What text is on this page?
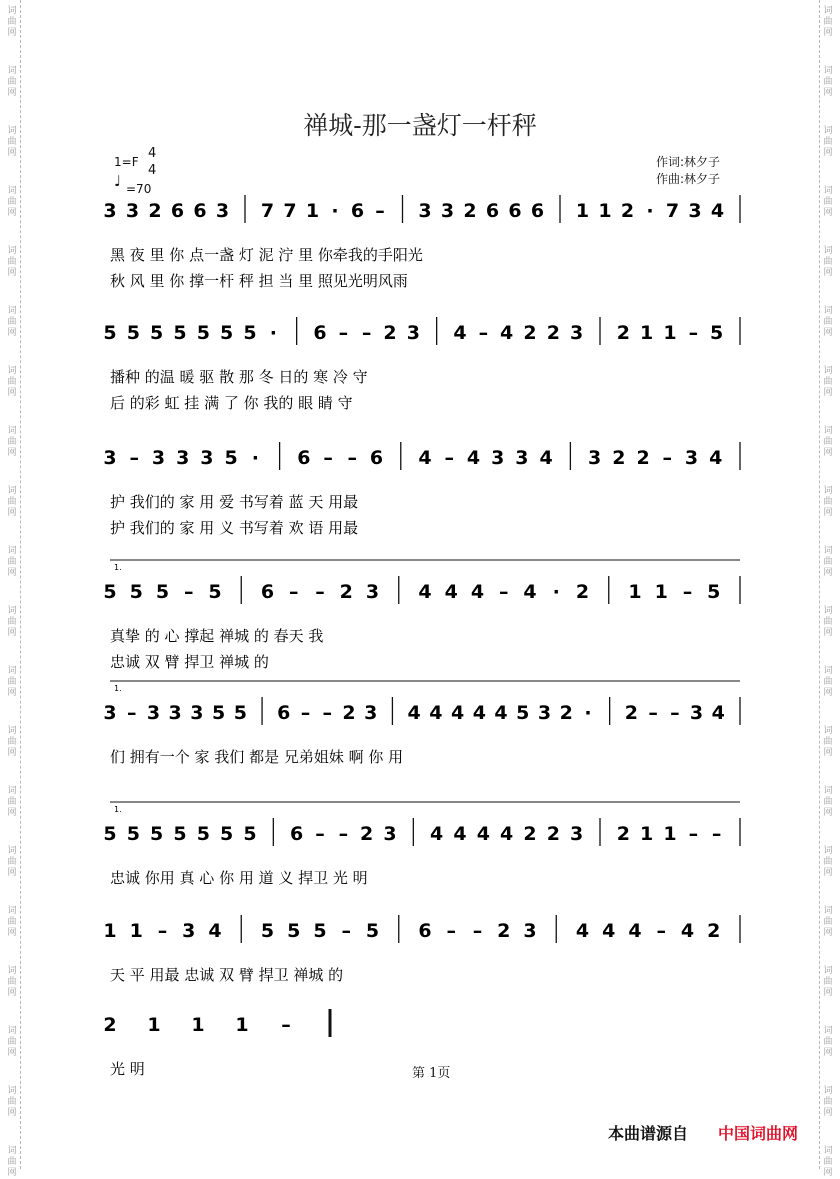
词
曲
网
词
曲
网
词
曲
网
词
曲
网
词
曲
网
词
曲
网
词
曲
网
词
曲
网
词
曲
网
词
曲
网
词
曲
网
词
曲
网
词
曲
网
词
曲
网
词
曲
网
词
曲
网
词
曲
网
词
曲
网
词
曲
网
词
曲
网
词
曲
网
词
曲
网
词
曲
网
词
曲
网
词
曲
网
词
曲
网
词
曲
网
词
曲
网
词
曲
网
词
曲
网
词
曲
网
词
曲
网
词
曲
网
词
曲
网
词
曲
网
词
曲
网
词
曲
网
词
曲
网
词
曲
网
词
曲
网
禅城-那一盏灯一杆秤
1=F
4
4
♩ =70
作词:林夕子
作曲:林夕子
3 3 2 6 6 3 7 7 1 · 6 – 3 3 2 6 6 6 1 1 2 · 7 3 4
黑 夜 里 你 点一盏 灯 泥 泞 里 你牵我的手阳光
秋 风 里 你 撑一杆 秤 担 当 里 照见光明风雨
5 5 5 5 5 5 5 · 6 – – 2 3 4 – 4 2 2 3 2 1 1 – 5
播种 的温 暖 驱 散 那 冬 日的 寒 冷 守
后 的彩 虹 挂 满 了 你 我的 眼 睛 守
3 – 3 3 3 5 · 6 – – 6 4 – 4 3 3 4 3 2 2 – 3 4
护 我们的 家 用 爱 书写着 蓝 天 用最
护 我们的 家 用 义 书写着 欢 语 用最
5 5 5 – 5 6 – – 2 3 4 4 4 – 4 · 2 1 1 – 5
1.
真挚 的 心 撑起 禅城 的 春天 我
忠诚 双 臂 捍卫 禅城 的
3 – 3 3 3 5 5 6 – – 2 3 4 4 4 4 4 5 3 2 · 2 – – 3 4
1.
们 拥有一个 家 我们 都是 兄弟姐妹 啊 你 用
5 5 5 5 5 5 5 6 – – 2 3 4 4 4 4 2 2 3 2 1 1 – –
1.
忠诚 你用 真 心 你 用 道 义 捍卫 光 明
1 1 – 3 4 5 5 5 – 5 6 – – 2 3 4 4 4 – 4 2
天 平 用最 忠诚 双 臂 捍卫 禅城 的
2 1 1 1 –
光 明	第 1页
本曲谱源自 中国词曲网
